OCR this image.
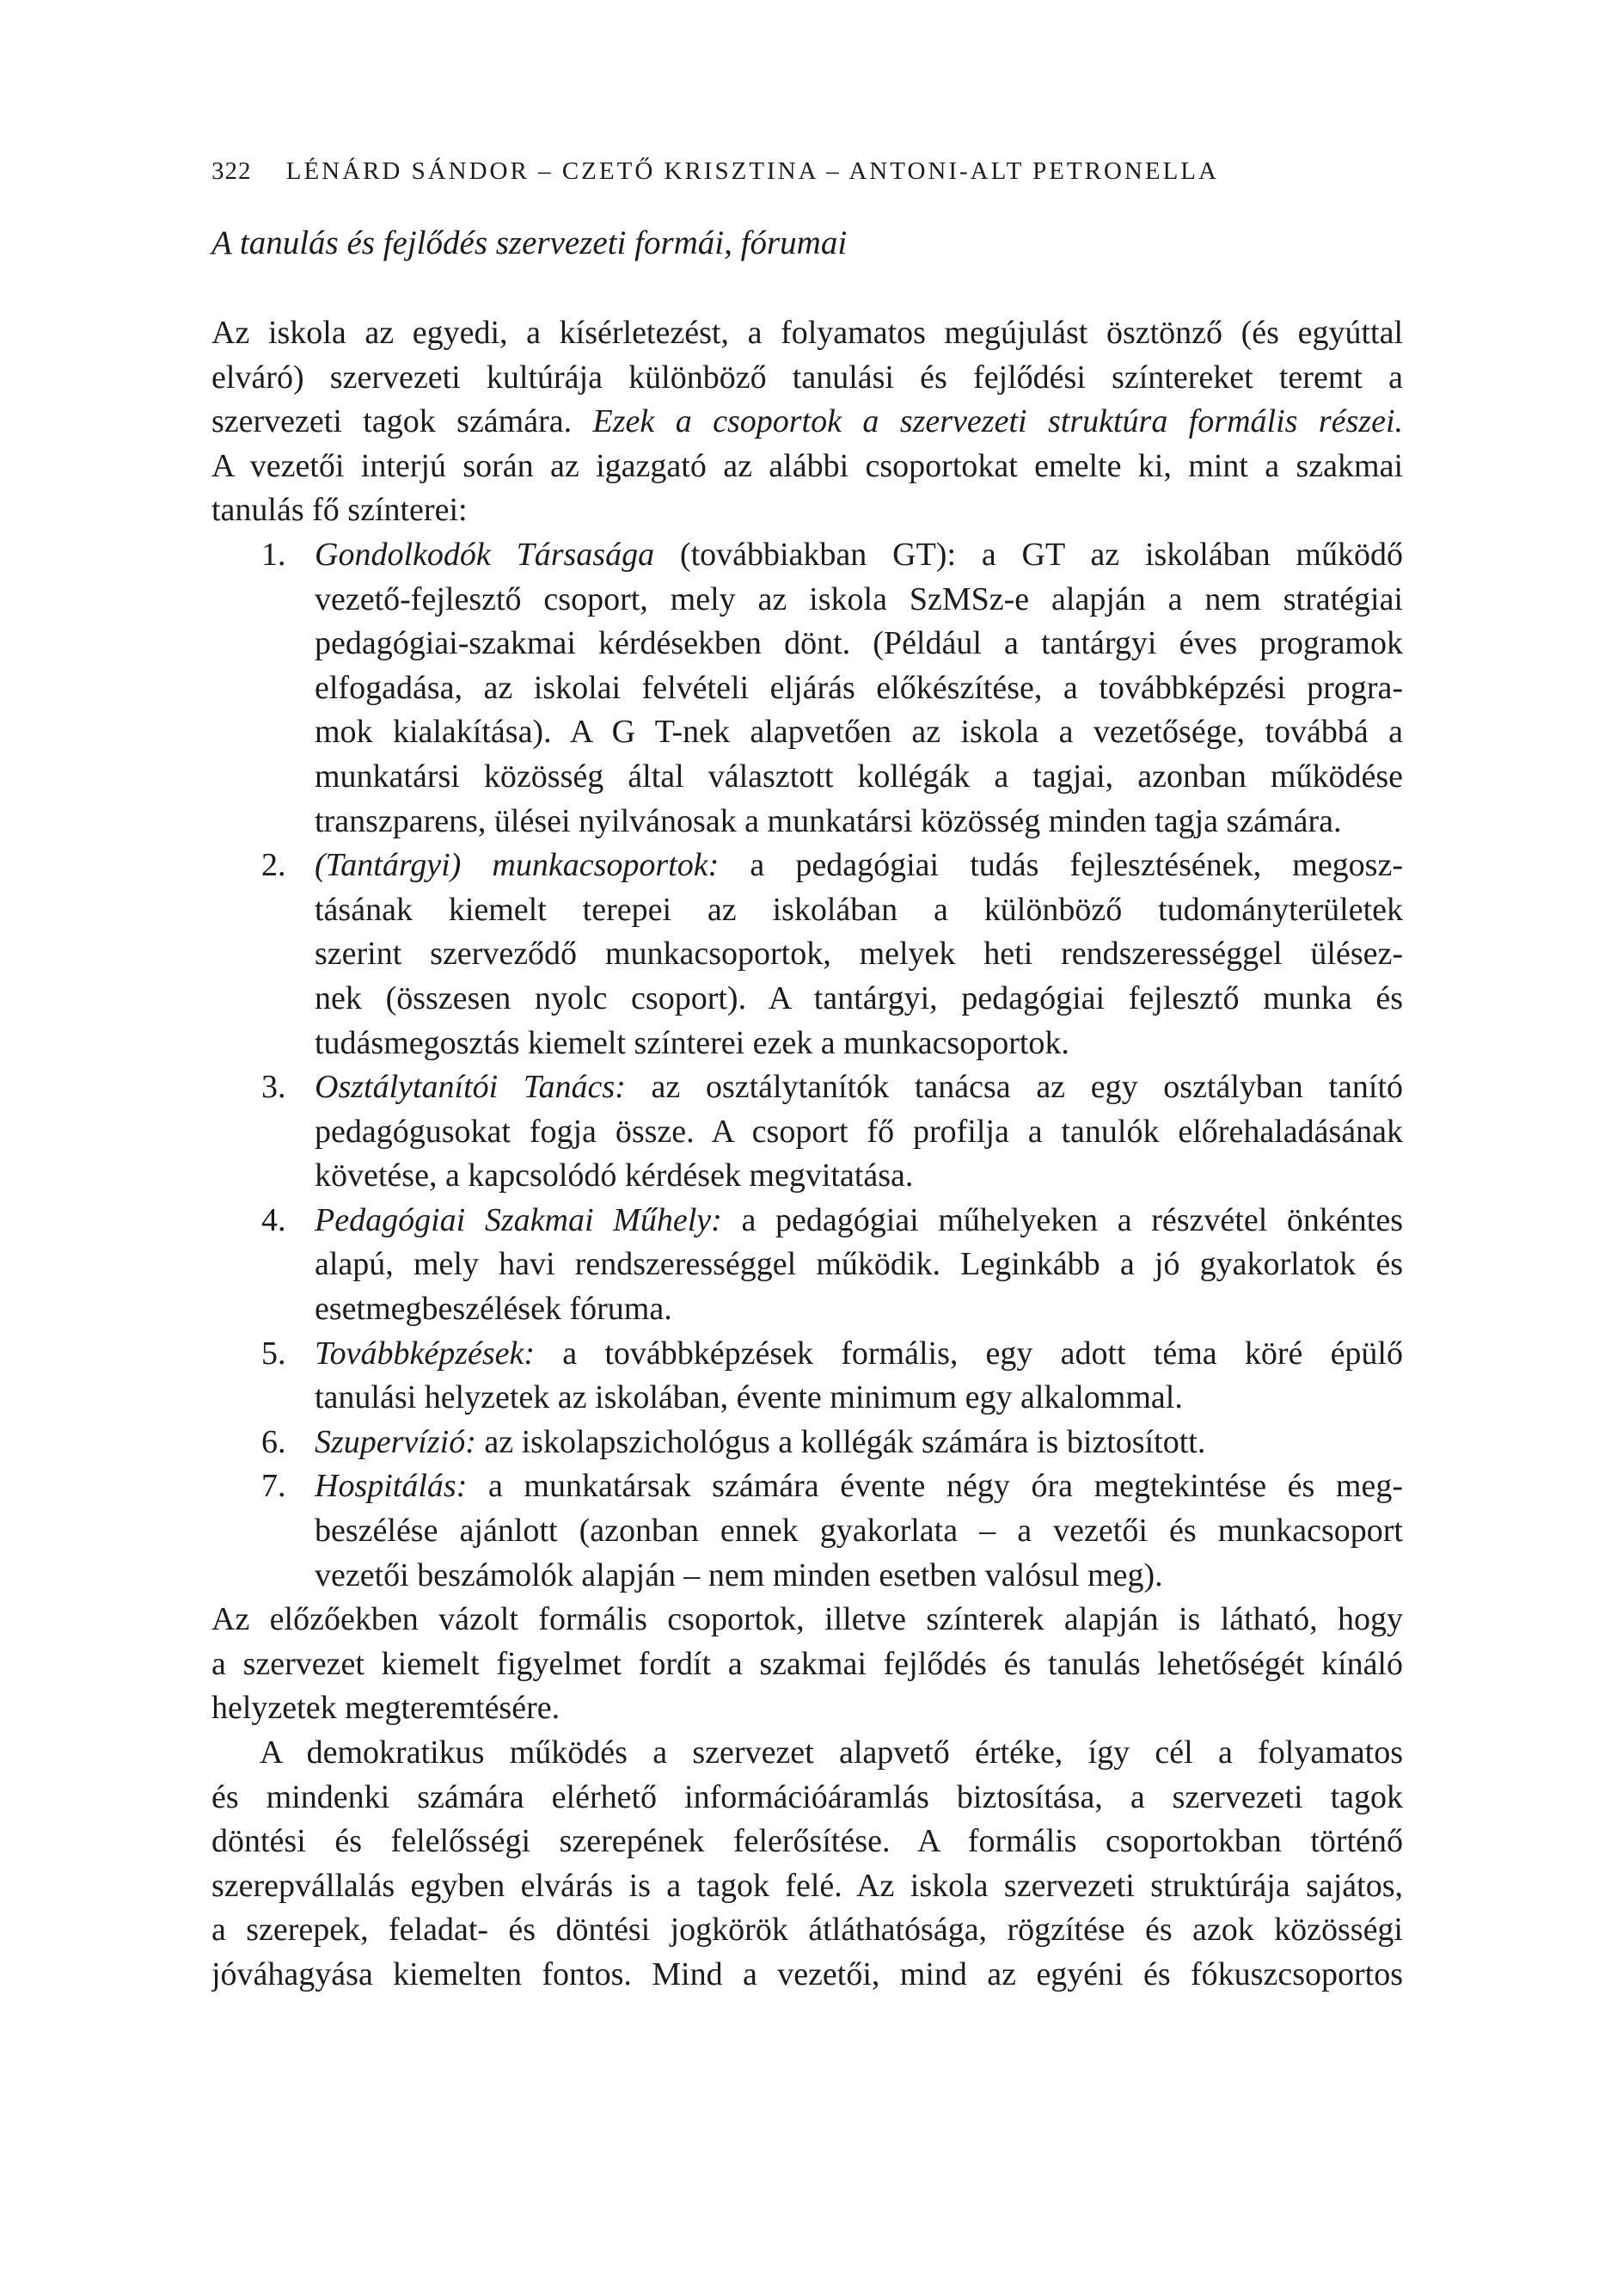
322 LÉNÁRD SÁNDOR – CZETŐ KRISZTINA – ANTONI-ALT PETRONELLA
A tanulás és fejlődés szervezeti formái, fórumai
Az iskola az egyedi, a kísérletezést, a folyamatos megújulást ösztönző (és egyúttal
elváró) szervezeti kultúrája különböző tanulási és fejlődési színtereket teremt a
szervezeti tagok számára. Ezek a csoportok a szervezeti struktúra formális részei.
A vezetői interjú során az igazgató az alábbi csoportokat emelte ki, mint a szakmai
tanulás fő színterei:
1. Gondolkodók Társasága (továbbiakban GT): a GT az iskolában működő
vezető-fejlesztő csoport, mely az iskola SzMSz-e alapján a nem stratégiai
pedagógiai-szakmai kérdésekben dönt. (Például a tantárgyi éves programok
elfogadása, az iskolai felvételi eljárás előkészítése, a továbbképzési progra-
mok kialakítása). A G T-nek alapvetően az iskola a vezetősége, továbbá a
munkatársi közösség által választott kollégák a tagjai, azonban működése
transzparens, ülései nyilvánosak a munkatársi közösség minden tagja számára.
2. (Tantárgyi) munkacsoportok: a pedagógiai tudás fejlesztésének, megosz-
tásának kiemelt terepei az iskolában a különböző tudományterületek
szerint szerveződő munkacsoportok, melyek heti rendszerességgel ülésez-
nek (összesen nyolc csoport). A tantárgyi, pedagógiai fejlesztő munka és
tudásmegosztás kiemelt színterei ezek a munkacsoportok.
3. Osztálytanítói Tanács: az osztálytanítók tanácsa az egy osztályban tanító
pedagógusokat fogja össze. A csoport fő profilja a tanulók előrehaladásának
követése, a kapcsolódó kérdések megvitatása.
4. Pedagógiai Szakmai Műhely: a pedagógiai műhelyeken a részvétel önkéntes
alapú, mely havi rendszerességgel működik. Leginkább a jó gyakorlatok és
esetmegbeszélések fóruma.
5. Továbbképzések: a továbbképzések formális, egy adott téma köré épülő
tanulási helyzetek az iskolában, évente minimum egy alkalommal.
6. Szupervízió: az iskolapszichológus a kollégák számára is biztosított.
7. Hospitálás: a munkatársak számára évente négy óra megtekintése és meg-
beszélése ajánlott (azonban ennek gyakorlata – a vezetői és munkacsoport
vezetői beszámolók alapján – nem minden esetben valósul meg).
Az előzőekben vázolt formális csoportok, illetve színterek alapján is látható, hogy
a szervezet kiemelt figyelmet fordít a szakmai fejlődés és tanulás lehetőségét kínáló
helyzetek megteremtésére.
A demokratikus működés a szervezet alapvető értéke, így cél a folyamatos
és mindenki számára elérhető információáramlás biztosítása, a szervezeti tagok
döntési és felelősségi szerepének felerősítése. A formális csoportokban történő
szerepvállalás egyben elvárás is a tagok felé. Az iskola szervezeti struktúrája sajátos,
a szerepek, feladat- és döntési jogkörök átláthatósága, rögzítése és azok közösségi
jóváhagyása kiemelten fontos. Mind a vezetői, mind az egyéni és fókuszcsoportos
